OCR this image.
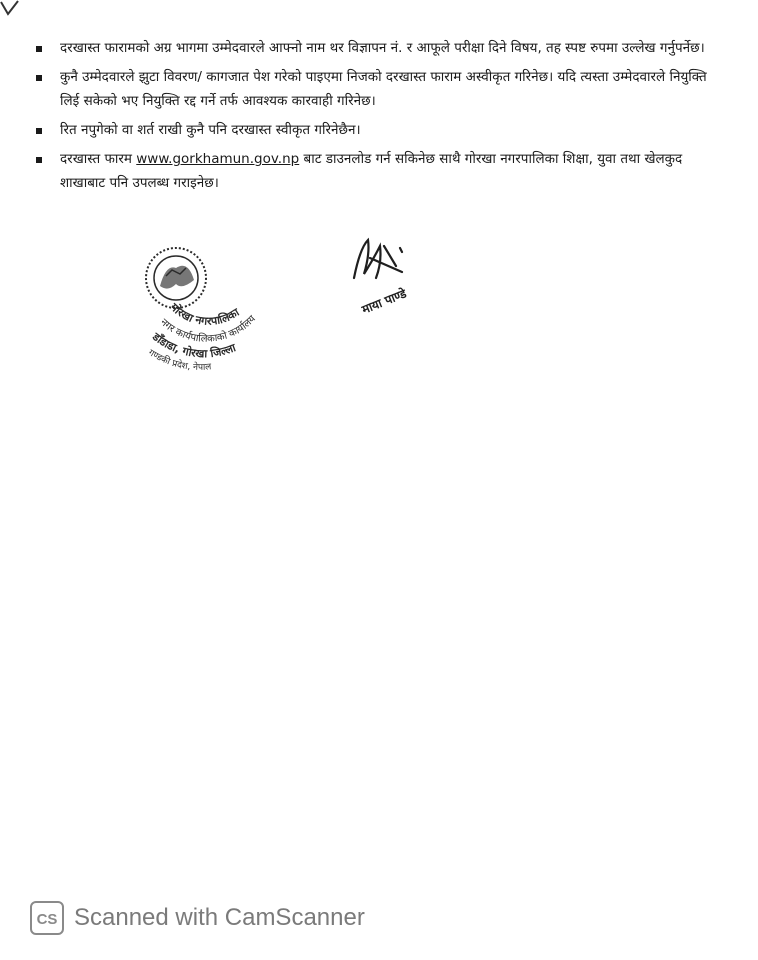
दरखास्त फारामको अग्र भागमा उम्मेदवारले आफ्नो नाम थर विज्ञापन नं. र आफूले परीक्षा दिने विषय, तह स्पष्ट रुपमा उल्लेख गर्नुपर्नेछ।
कुनै उम्मेदवारले झुटा विवरण/ कागजात पेश गरेको पाइएमा निजको दरखास्त फाराम अस्वीकृत गरिनेछ। यदि त्यस्ता उम्मेदवारले नियुक्ति लिई सकेको भए नियुक्ति रद्द गर्ने तर्फ आवश्यक कारवाही गरिनेछ।
रित नपुगेको वा शर्त राखी कुनै पनि दरखास्त स्वीकृत गरिनेछैन।
दरखास्त फारम www.gorkhamun.gov.np बाट डाउनलोड गर्न सकिनेछ साथै गोरखा नगरपालिका शिक्षा, युवा तथा खेलकुद शाखाबाट पनि उपलब्ध गराइनेछ।
गोरखा नगरपालिका
नगर कार्यपालिकाको कार्यालय
डाँडाडा, गोरखा जिल्ला
गण्डकी प्रदेश, नेपाल
माया पाण्डे
CS Scanned with CamScanner
